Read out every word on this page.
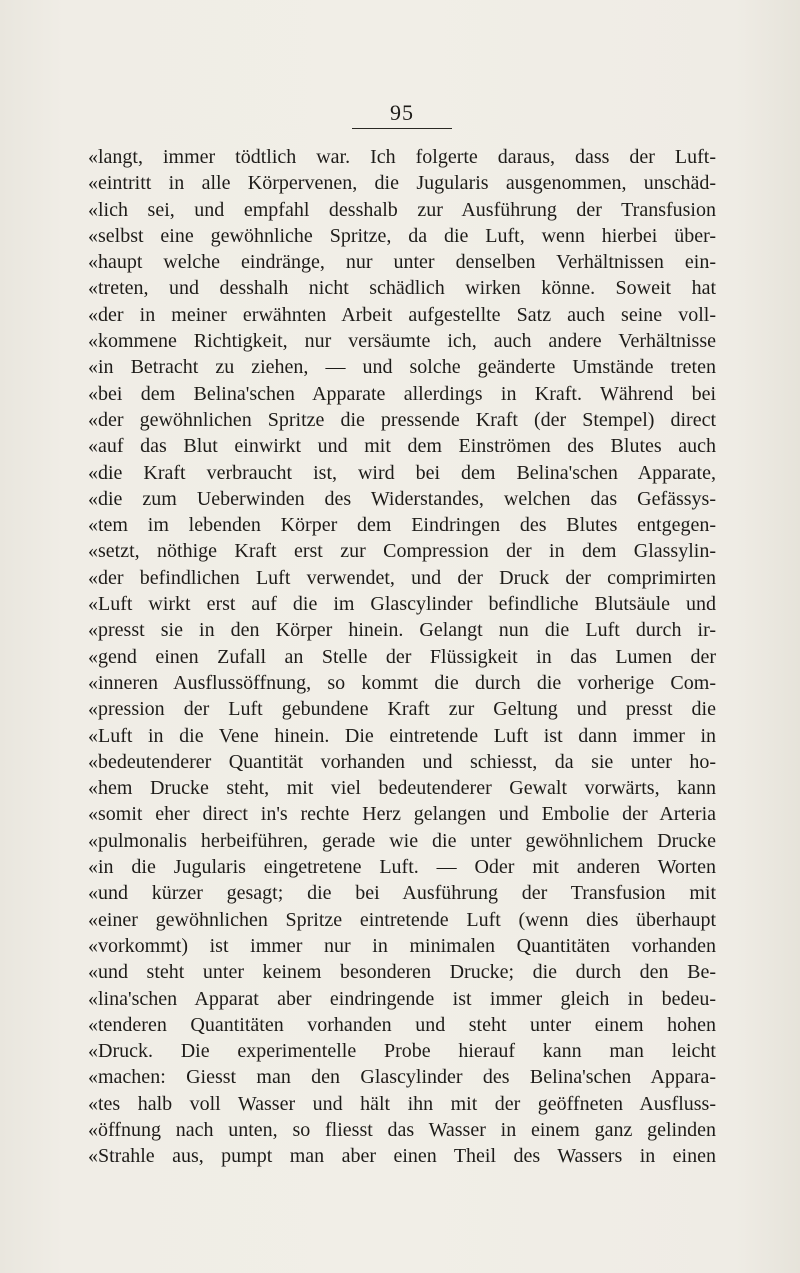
95
«langt, immer tödtlich war. Ich folgerte daraus, dass der Luft-
«eintritt in alle Körpervenen, die Jugularis ausgenommen, unschäd-
«lich sei, und empfahl desshalb zur Ausführung der Transfusion
«selbst eine gewöhnliche Spritze, da die Luft, wenn hierbei über-
«haupt welche eindränge, nur unter denselben Verhältnissen ein-
«treten, und desshalh nicht schädlich wirken könne. Soweit hat
«der in meiner erwähnten Arbeit aufgestellte Satz auch seine voll-
«kommene Richtigkeit, nur versäumte ich, auch andere Verhältnisse
«in Betracht zu ziehen, — und solche geänderte Umstände treten
«bei dem Belina'schen Apparate allerdings in Kraft. Während bei
«der gewöhnlichen Spritze die pressende Kraft (der Stempel) direct
«auf das Blut einwirkt und mit dem Einströmen des Blutes auch
«die Kraft verbraucht ist, wird bei dem Belina'schen Apparate,
«die zum Ueberwinden des Widerstandes, welchen das Gefässys-
«tem im lebenden Körper dem Eindringen des Blutes entgegen-
«setzt, nöthige Kraft erst zur Compression der in dem Glassylin-
«der befindlichen Luft verwendet, und der Druck der comprimirten
«Luft wirkt erst auf die im Glascylinder befindliche Blutsäule und
«presst sie in den Körper hinein. Gelangt nun die Luft durch ir-
«gend einen Zufall an Stelle der Flüssigkeit in das Lumen der
«inneren Ausflussöffnung, so kommt die durch die vorherige Com-
«pression der Luft gebundene Kraft zur Geltung und presst die
«Luft in die Vene hinein. Die eintretende Luft ist dann immer in
«bedeutenderer Quantität vorhanden und schiesst, da sie unter ho-
«hem Drucke steht, mit viel bedeutenderer Gewalt vorwärts, kann
«somit eher direct in's rechte Herz gelangen und Embolie der Arteria
«pulmonalis herbeiführen, gerade wie die unter gewöhnlichem Drucke
«in die Jugularis eingetretene Luft. — Oder mit anderen Worten
«und kürzer gesagt; die bei Ausführung der Transfusion mit
«einer gewöhnlichen Spritze eintretende Luft (wenn dies überhaupt
«vorkommt) ist immer nur in minimalen Quantitäten vorhanden
«und steht unter keinem besonderen Drucke; die durch den Be-
«lina'schen Apparat aber eindringende ist immer gleich in bedeu-
«tenderen Quantitäten vorhanden und steht unter einem hohen
«Druck. Die experimentelle Probe hierauf kann man leicht
«machen: Giesst man den Glascylinder des Belina'schen Appara-
«tes halb voll Wasser und hält ihn mit der geöffneten Ausfluss-
«öffnung nach unten, so fliesst das Wasser in einem ganz gelinden
«Strahle aus, pumpt man aber einen Theil des Wassers in einen
